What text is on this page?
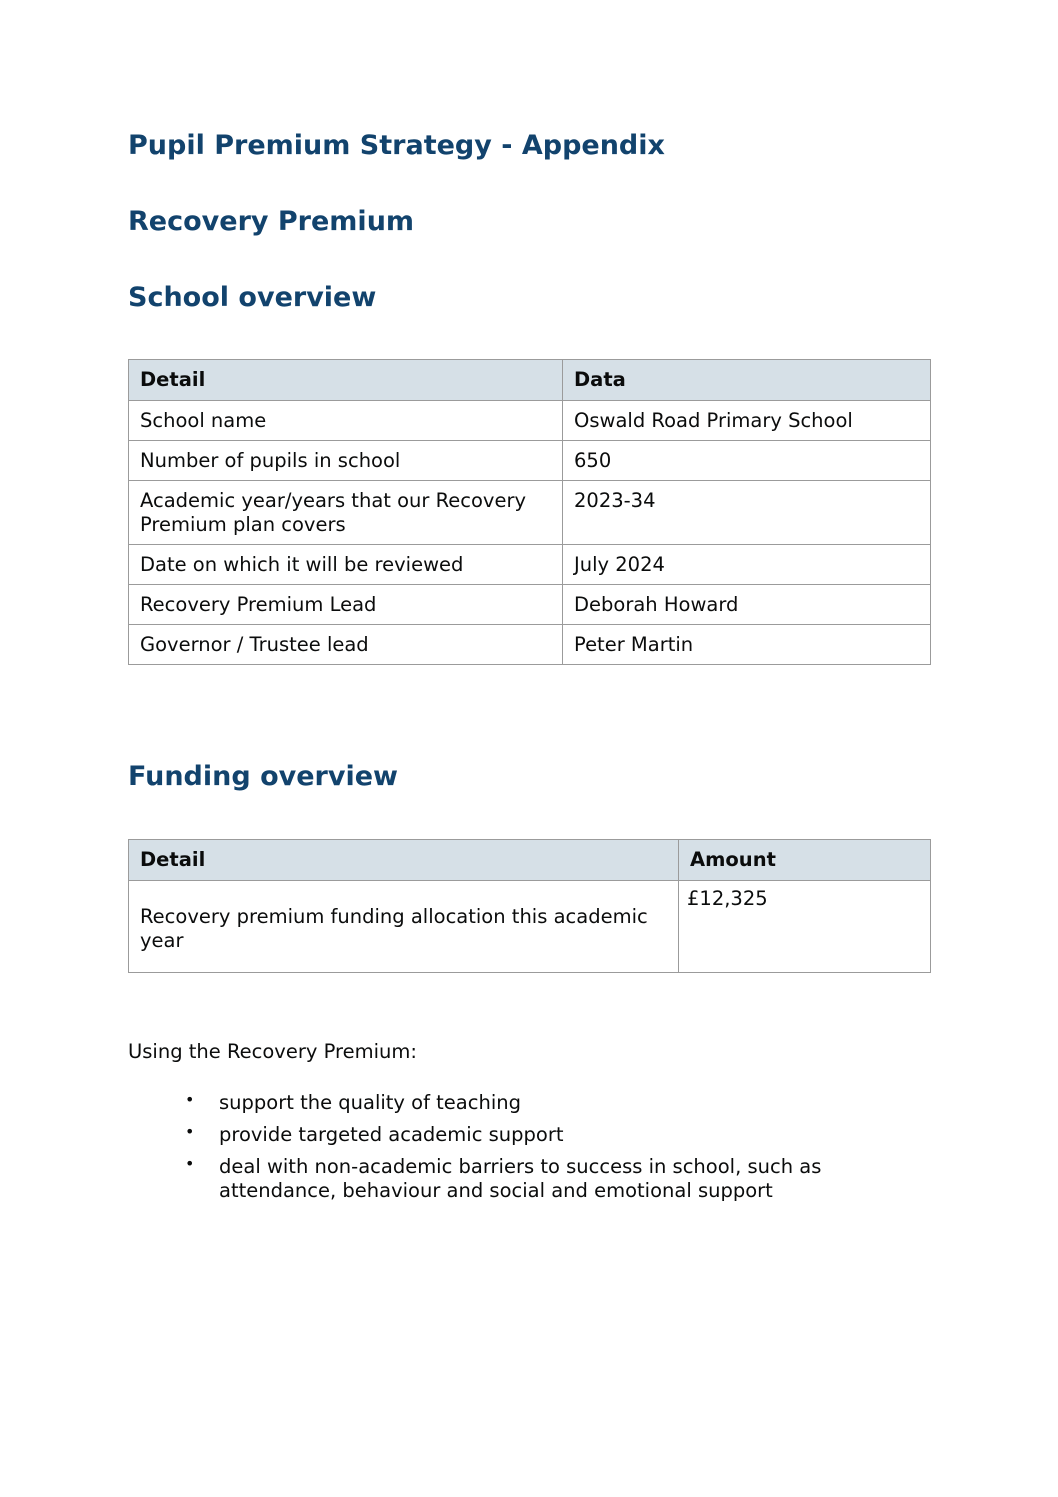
Pupil Premium Strategy - Appendix
Recovery Premium
School overview
Detail	Data
School name	Oswald Road Primary School
Number of pupils in school	650
Academic year/years that our Recovery Premium plan covers	2023-34
Date on which it will be reviewed	July 2024
Recovery Premium Lead	Deborah Howard
Governor / Trustee lead	Peter Martin
Funding overview
Detail	Amount
Recovery premium funding allocation this academic year	£12,325

Using the Recovery Premium:

• support the quality of teaching
• provide targeted academic support
• deal with non-academic barriers to success in school, such as attendance, behaviour and social and emotional support
